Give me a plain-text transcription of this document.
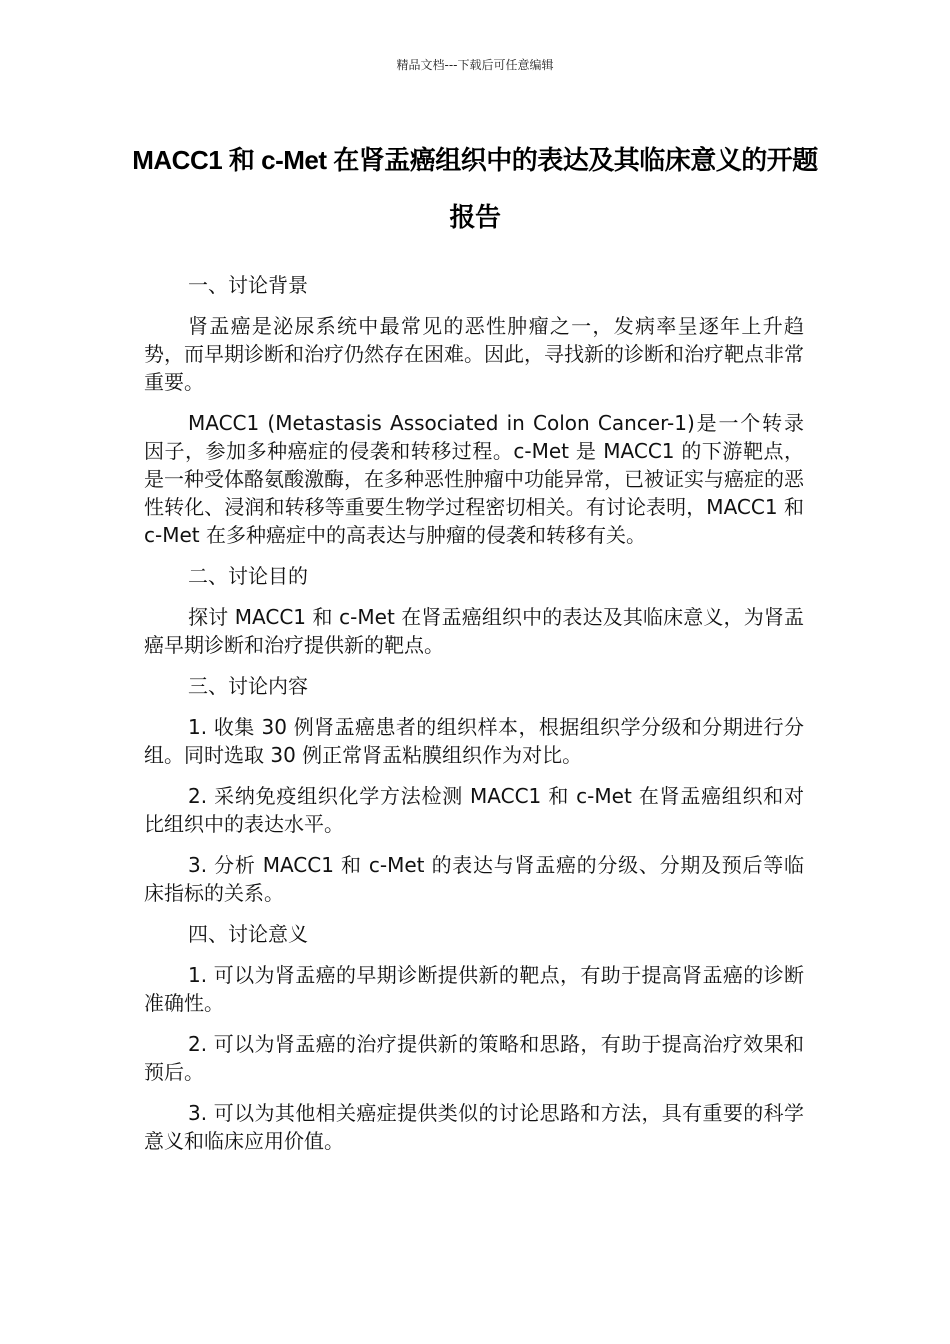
精品文档---下载后可任意编辑
MACC1 和 c-Met 在肾盂癌组织中的表达及其临床意义的开题报告

一、讨论背景

肾盂癌是泌尿系统中最常见的恶性肿瘤之一，发病率呈逐年上升趋势，而早期诊断和治疗仍然存在困难。因此，寻找新的诊断和治疗靶点非常重要。

MACC1 (Metastasis Associated in Colon Cancer-1)是一个转录因子，参加多种癌症的侵袭和转移过程。c-Met 是 MACC1 的下游靶点，是一种受体酪氨酸激酶，在多种恶性肿瘤中功能异常，已被证实与癌症的恶性转化、浸润和转移等重要生物学过程密切相关。有讨论表明，MACC1 和 c-Met 在多种癌症中的高表达与肿瘤的侵袭和转移有关。

二、讨论目的

探讨 MACC1 和 c-Met 在肾盂癌组织中的表达及其临床意义，为肾盂癌早期诊断和治疗提供新的靶点。

三、讨论内容

1. 收集 30 例肾盂癌患者的组织样本，根据组织学分级和分期进行分组。同时选取 30 例正常肾盂粘膜组织作为对比。

2. 采纳免疫组织化学方法检测 MACC1 和 c-Met 在肾盂癌组织和对比组织中的表达水平。

3. 分析 MACC1 和 c-Met 的表达与肾盂癌的分级、分期及预后等临床指标的关系。

四、讨论意义

1. 可以为肾盂癌的早期诊断提供新的靶点，有助于提高肾盂癌的诊断准确性。

2. 可以为肾盂癌的治疗提供新的策略和思路，有助于提高治疗效果和预后。

3. 可以为其他相关癌症提供类似的讨论思路和方法，具有重要的科学意义和临床应用价值。
